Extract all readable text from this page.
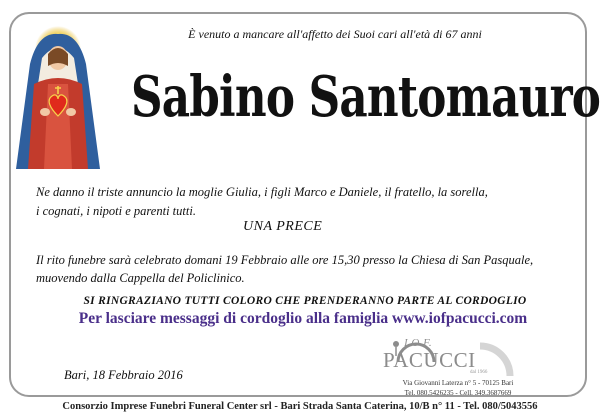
È venuto a mancare all'affetto dei Suoi cari all'età di 67 anni
Sabino Santomauro
Ne danno il triste annuncio la moglie Giulia, i figli Marco e Daniele, il fratello, la sorella,
i cognati, i nipoti e parenti tutti.
UNA PRECE
Il rito funebre sarà celebrato domani 19 Febbraio alle ore 15,30 presso la Chiesa di San Pasquale,
muovendo dalla Cappella del Policlinico.
SI RINGRAZIANO TUTTI COLORO CHE PRENDERANNO PARTE AL CORDOGLIO
Per lasciare messaggi di cordoglio alla famiglia www.iofpacucci.com
Bari, 18 Febbraio 2016
I.O.F.
PACUCCI
dal 1966
Via Giovanni Laterza n° 5 - 70125 Bari
Tel. 080.5426235 - Cell. 349.3687669
Consorzio Imprese Funebri Funeral Center srl - Bari Strada Santa Caterina, 10/B n° 11 - Tel. 080/5043556
